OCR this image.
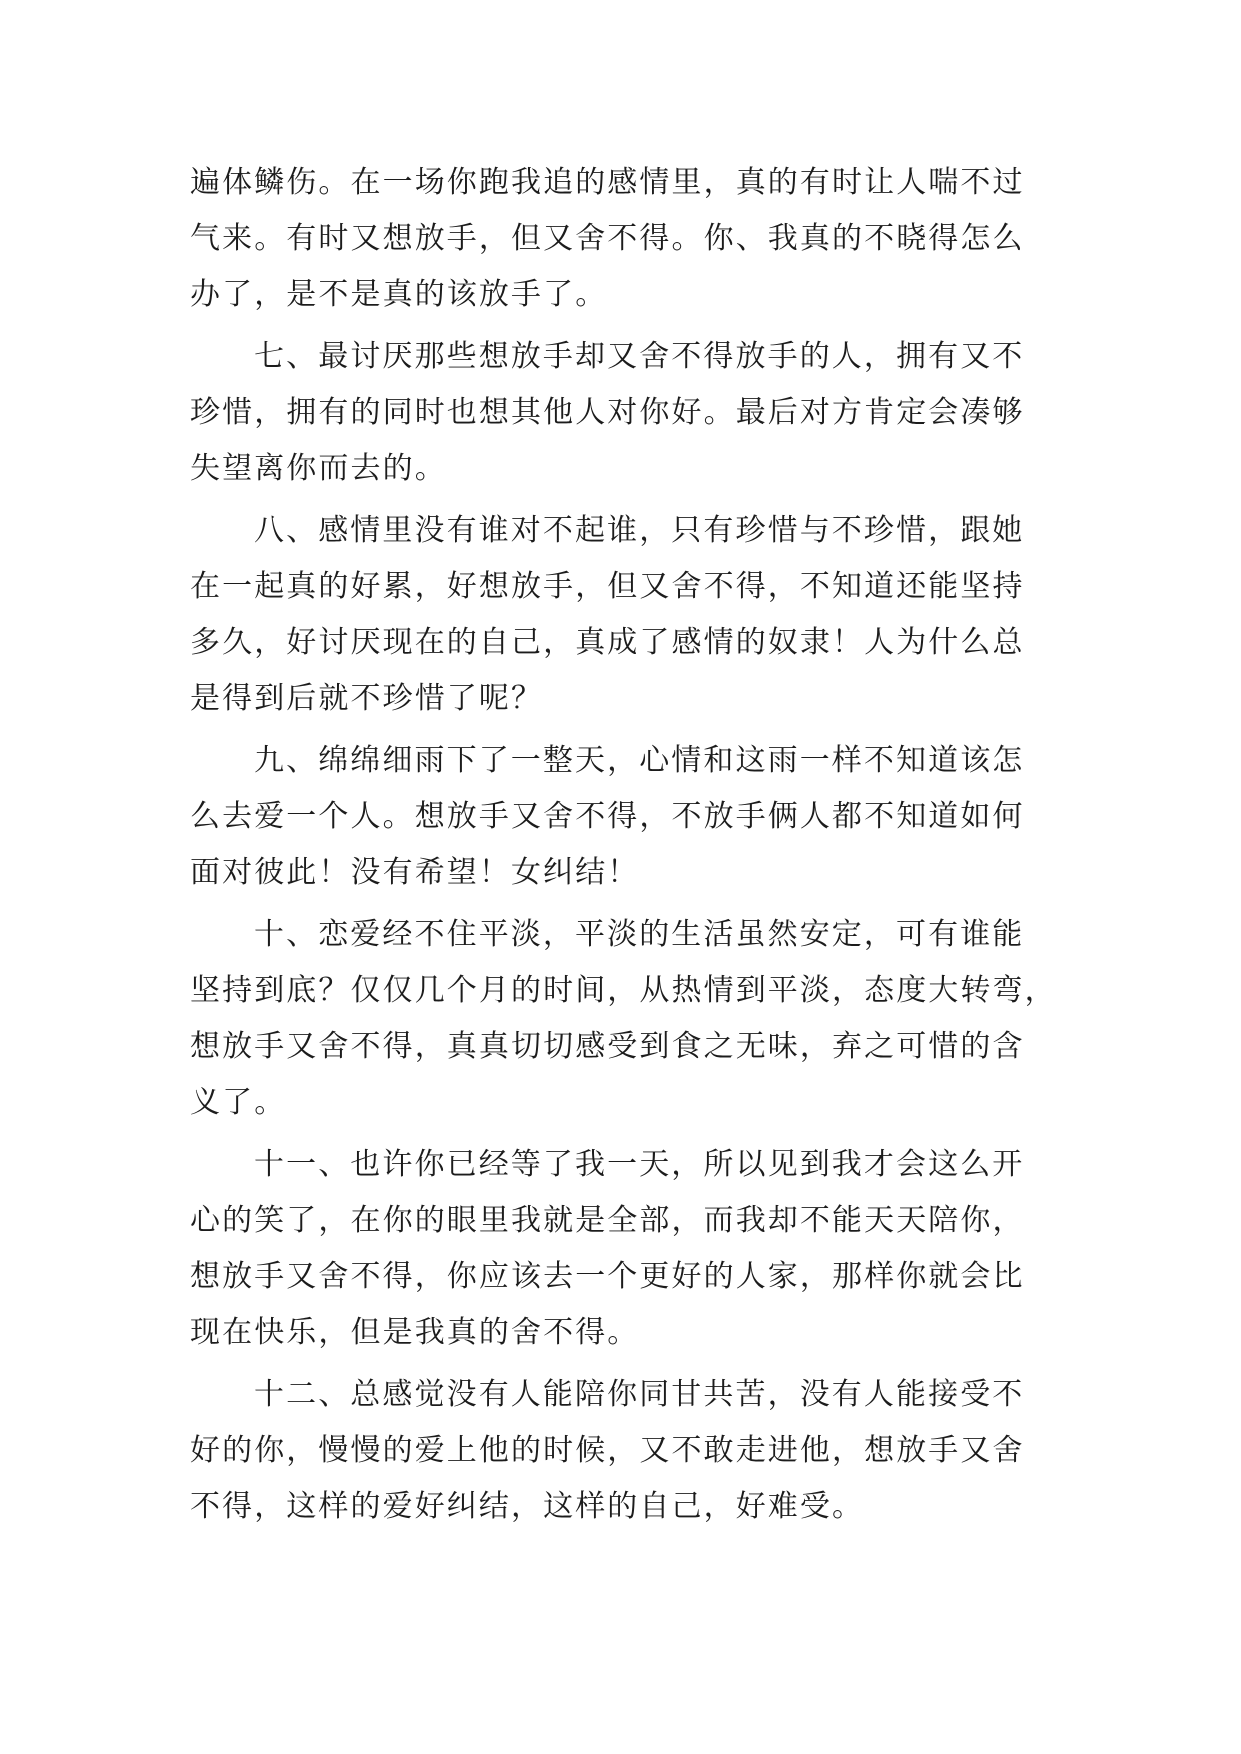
遍体鳞伤。在一场你跑我追的感情里，真的有时让人喘不过
气来。有时又想放手，但又舍不得。你、我真的不晓得怎么
办了，是不是真的该放手了。
七、最讨厌那些想放手却又舍不得放手的人，拥有又不
珍惜，拥有的同时也想其他人对你好。最后对方肯定会凑够
失望离你而去的。
八、感情里没有谁对不起谁，只有珍惜与不珍惜，跟她
在一起真的好累，好想放手，但又舍不得，不知道还能坚持
多久，好讨厌现在的自己，真成了感情的奴隶！人为什么总
是得到后就不珍惜了呢？
九、绵绵细雨下了一整天，心情和这雨一样不知道该怎
么去爱一个人。想放手又舍不得，不放手俩人都不知道如何
面对彼此！没有希望！女纠结！
十、恋爱经不住平淡，平淡的生活虽然安定，可有谁能
坚持到底？仅仅几个月的时间，从热情到平淡，态度大转弯，
想放手又舍不得，真真切切感受到食之无味，弃之可惜的含
义了。
十一、也许你已经等了我一天，所以见到我才会这么开
心的笑了，在你的眼里我就是全部，而我却不能天天陪你，
想放手又舍不得，你应该去一个更好的人家，那样你就会比
现在快乐，但是我真的舍不得。
十二、总感觉没有人能陪你同甘共苦，没有人能接受不
好的你，慢慢的爱上他的时候，又不敢走进他，想放手又舍
不得，这样的爱好纠结，这样的自己，好难受。
